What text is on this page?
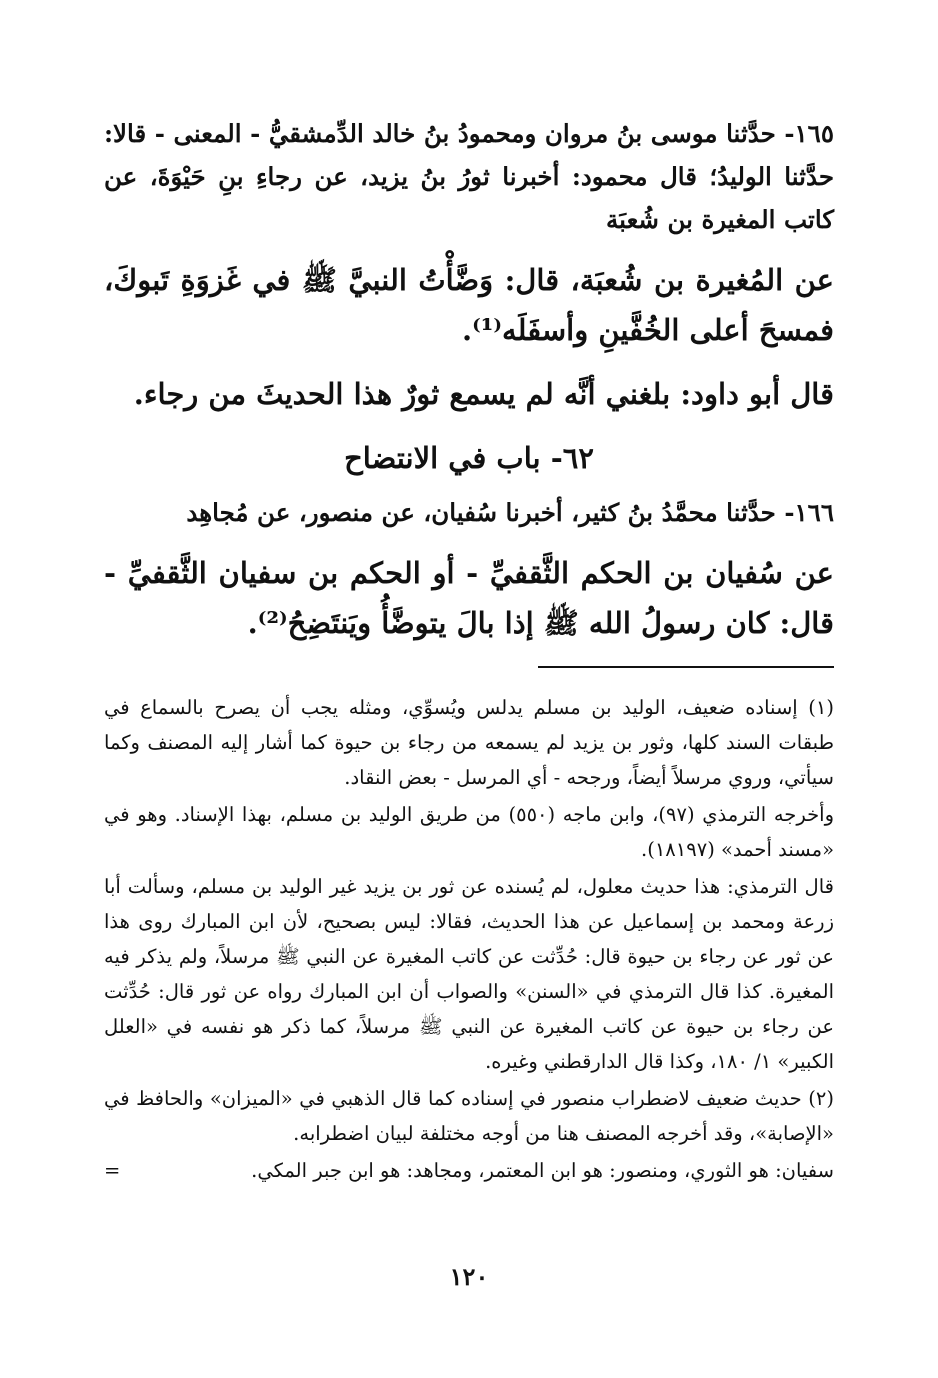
١٦٥- حدَّثنا موسى بنُ مروان ومحمودُ بنُ خالد الدِّمشقيُّ - المعنى - قالا: حدَّثنا الوليدُ؛ قال محمود: أخبرنا ثورُ بنُ يزيد، عن رجاءِ بنِ حَيْوَةَ، عن كاتب المغيرة بن شُعبَة

عن المُغيرة بن شُعبَة، قال: وَضَّأْتُ النبيَّ ﷺ في غَزوَةِ تَبوكَ، فمسحَ أعلى الخُفَّينِ وأسفَلَه⁽¹⁾.

قال أبو داود: بلغني أنَّه لم يسمع ثورٌ هذا الحديثَ من رجاء.

٦٢- باب في الانتضاح

١٦٦- حدَّثنا محمَّدُ بنُ كثير، أخبرنا سُفيان، عن منصور، عن مُجاهِد

عن سُفيان بن الحكم الثَّقفيِّ - أو الحكم بن سفيان الثَّقفيِّ - قال: كان رسولُ الله ﷺ إذا بالَ يتوضَّأُ ويَنتَضِحُ⁽²⁾.

(١) إسناده ضعيف، الوليد بن مسلم يدلس ويُسوِّي، ومثله يجب أن يصرح بالسماع في طبقات السند كلها، وثور بن يزيد لم يسمعه من رجاء بن حيوة كما أشار إليه المصنف وكما سيأتي، وروي مرسلاً أيضاً، ورجحه - أي المرسل - بعض النقاد.

وأخرجه الترمذي (٩٧)، وابن ماجه (٥٥٠) من طريق الوليد بن مسلم، بهذا الإسناد. وهو في «مسند أحمد» (١٨١٩٧).

قال الترمذي: هذا حديث معلول، لم يُسنده عن ثور بن يزيد غير الوليد بن مسلم، وسألت أبا زرعة ومحمد بن إسماعيل عن هذا الحديث، فقالا: ليس بصحيح، لأن ابن المبارك روى هذا عن ثور عن رجاء بن حيوة قال: حُدِّثت عن كاتب المغيرة عن النبي ﷺ مرسلاً، ولم يذكر فيه المغيرة. كذا قال الترمذي في «السنن» والصواب أن ابن المبارك رواه عن ثور قال: حُدِّثت عن رجاء بن حيوة عن كاتب المغيرة عن النبي ﷺ مرسلاً، كما ذكر هو نفسه في «العلل الكبير» ١/ ١٨٠، وكذا قال الدارقطني وغيره.

(٢) حديث ضعيف لاضطراب منصور في إسناده كما قال الذهبي في «الميزان» والحافظ في «الإصابة»، وقد أخرجه المصنف هنا من أوجه مختلفة لبيان اضطرابه.

سفيان: هو الثوري، ومنصور: هو ابن المعتمر، ومجاهد: هو ابن جبر المكي.
=
١٢٠
